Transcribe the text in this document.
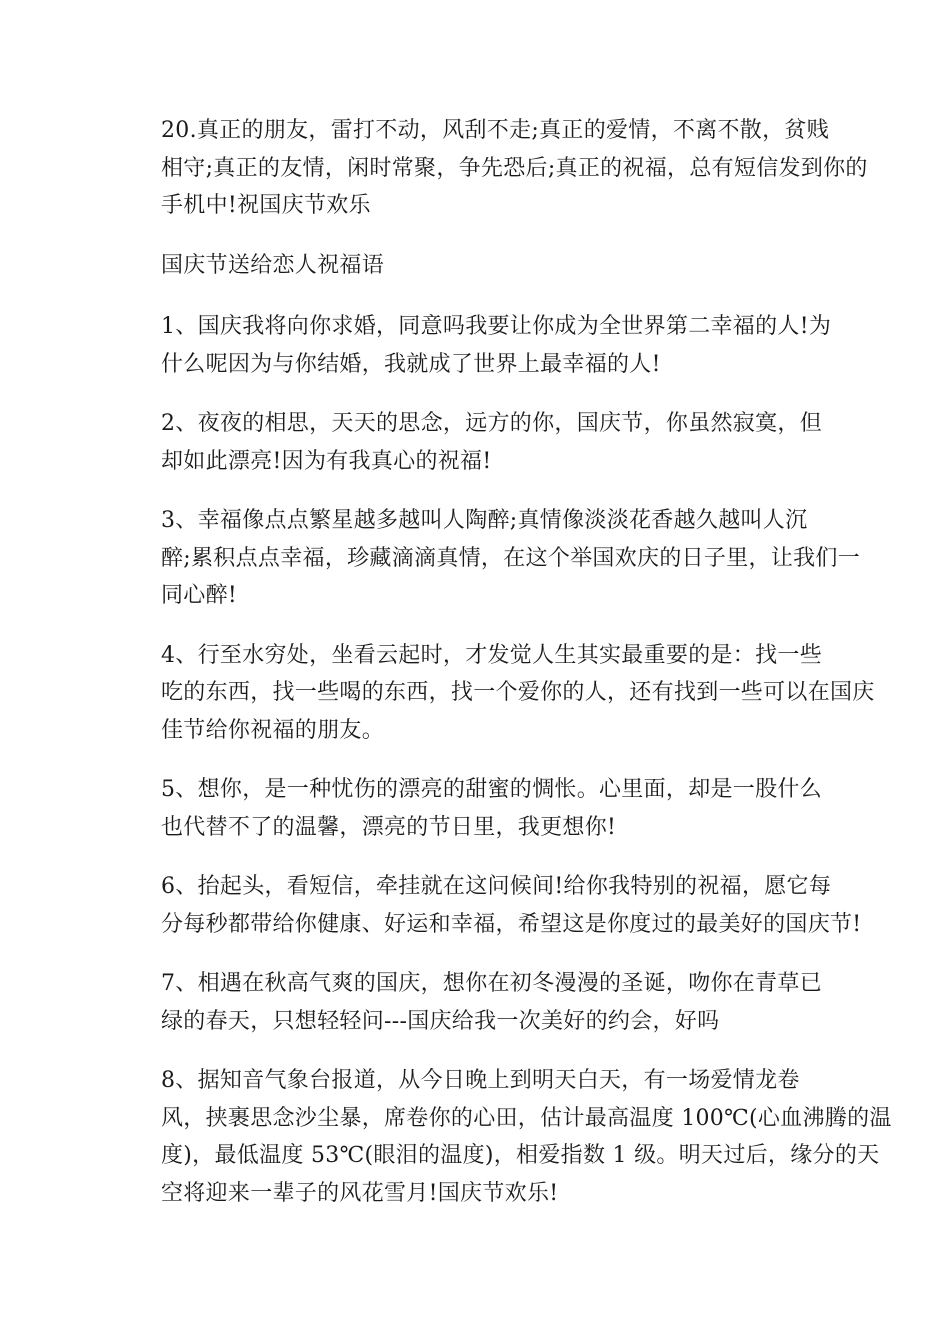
20.真正的朋友，雷打不动，风刮不走;真正的爱情，不离不散，贫贱
相守;真正的友情，闲时常聚，争先恐后;真正的祝福，总有短信发到你的
手机中!祝国庆节欢乐

国庆节送给恋人祝福语

1、国庆我将向你求婚，同意吗我要让你成为全世界第二幸福的人!为
什么呢因为与你结婚，我就成了世界上最幸福的人!

2、夜夜的相思，天天的思念，远方的你，国庆节，你虽然寂寞，但
却如此漂亮!因为有我真心的祝福!

3、幸福像点点繁星越多越叫人陶醉;真情像淡淡花香越久越叫人沉
醉;累积点点幸福，珍藏滴滴真情，在这个举国欢庆的日子里，让我们一
同心醉!

4、行至水穷处，坐看云起时，才发觉人生其实最重要的是：找一些
吃的东西，找一些喝的东西，找一个爱你的人，还有找到一些可以在国庆
佳节给你祝福的朋友。

5、想你，是一种忧伤的漂亮的甜蜜的惆怅。心里面，却是一股什么
也代替不了的温馨，漂亮的节日里，我更想你!

6、抬起头，看短信，牵挂就在这问候间!给你我特别的祝福，愿它每
分每秒都带给你健康、好运和幸福，希望这是你度过的最美好的国庆节!

7、相遇在秋高气爽的国庆，想你在初冬漫漫的圣诞，吻你在青草已
绿的春天，只想轻轻问---国庆给我一次美好的约会，好吗

8、据知音气象台报道，从今日晚上到明天白天，有一场爱情龙卷
风，挟裹思念沙尘暴，席卷你的心田，估计最高温度 100℃(心血沸腾的温
度)，最低温度 53℃(眼泪的温度)，相爱指数 1 级。明天过后，缘分的天
空将迎来一辈子的风花雪月!国庆节欢乐!
